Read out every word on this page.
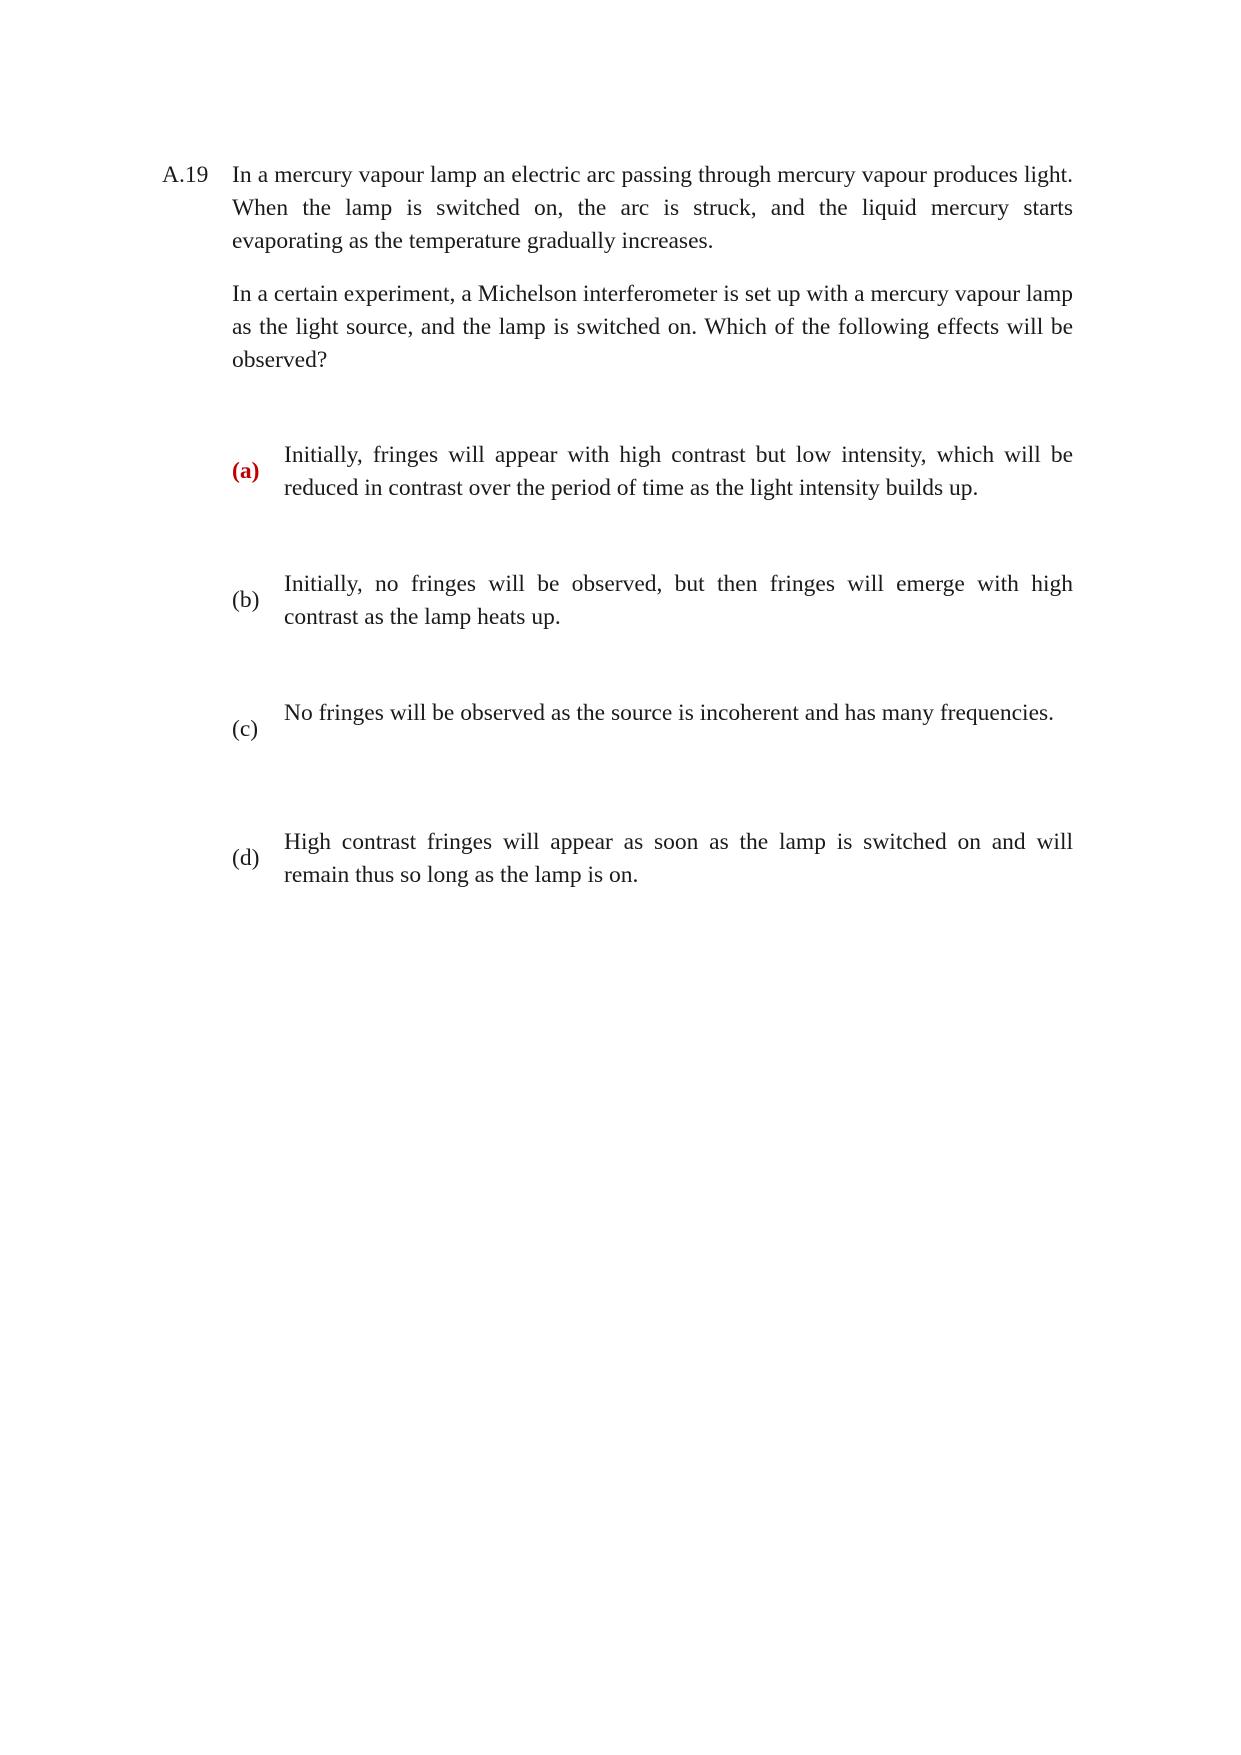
A.19 In a mercury vapour lamp an electric arc passing through mercury vapour produces light. When the lamp is switched on, the arc is struck, and the liquid mercury starts evaporating as the temperature gradually increases.

In a certain experiment, a Michelson interferometer is set up with a mercury vapour lamp as the light source, and the lamp is switched on. Which of the following effects will be observed?

(a)

Initially, fringes will appear with high contrast but low intensity, which will be reduced in contrast over the period of time as the light intensity builds up.

(b)

Initially, no fringes will be observed, but then fringes will emerge with high contrast as the lamp heats up.

(c)

No fringes will be observed as the source is incoherent and has many frequencies.

(d)

High contrast fringes will appear as soon as the lamp is switched on and will remain thus so long as the lamp is on.
